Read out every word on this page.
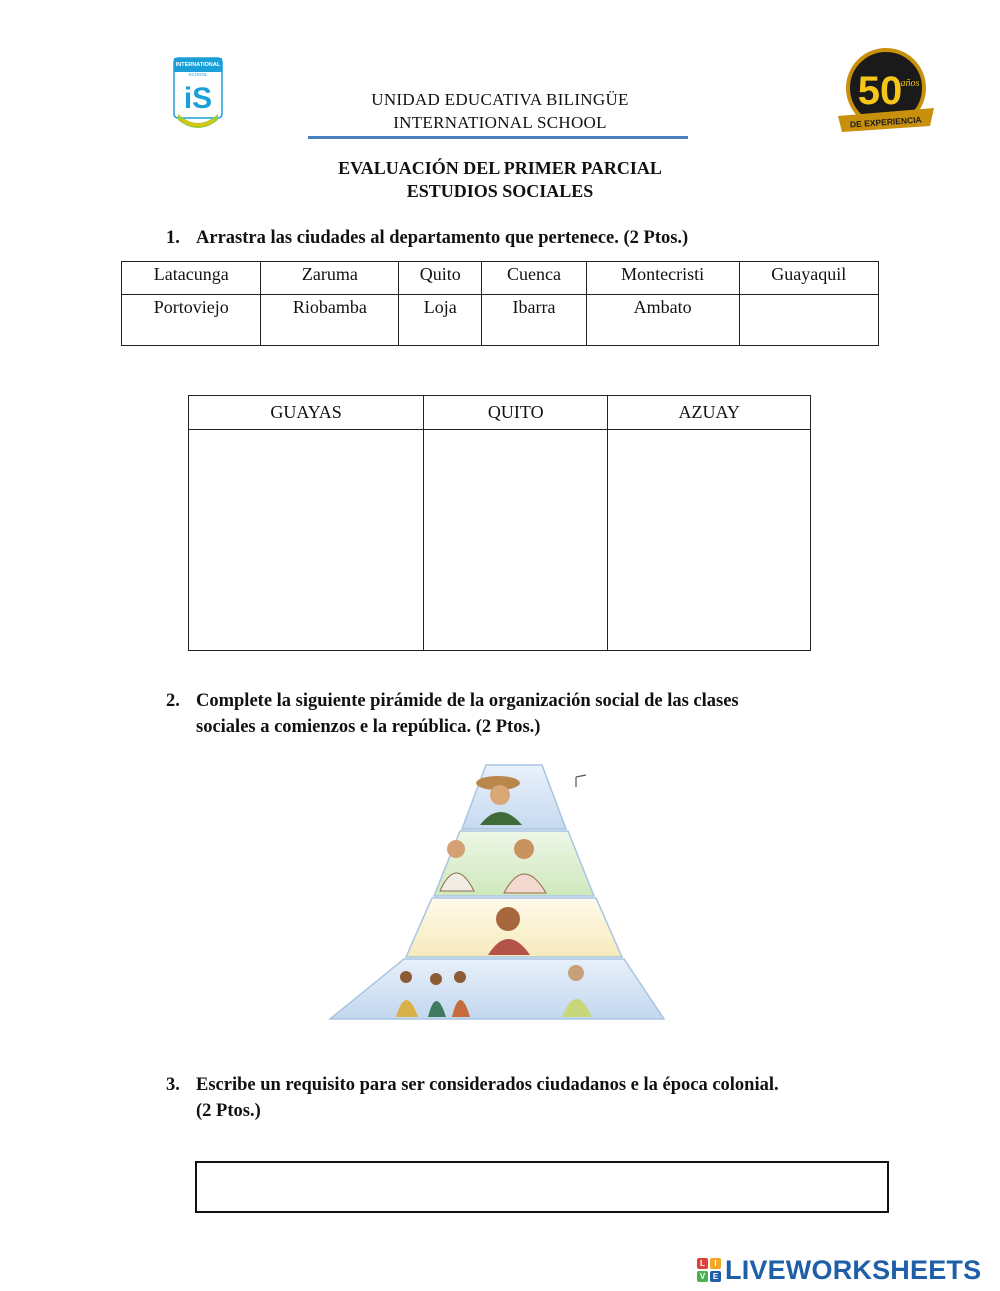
INTERNATIONAL
SCHOOL
iS	50
años
DE EXPERIENCIA
UNIDAD EDUCATIVA BILINGÜE
INTERNATIONAL SCHOOL
EVALUACIÓN DEL PRIMER PARCIAL
ESTUDIOS SOCIALES
1. Arrastra las ciudades al departamento que pertenece. (2 Ptos.)
Latacunga	Zaruma	Quito	Cuenca	Montecristi	Guayaquil
Portoviejo	Riobamba	Loja	Ibarra	Ambato	
GUAYAS	QUITO	AZUAY

2. Complete la siguiente pirámide de la organización social de las clases
sociales a comienzos e la república. (2 Ptos.)
3. Escribe un requisito para ser considerados ciudadanos e la época colonial.
(2 Ptos.)
L	I
V E LIVEWORKSHEETS
